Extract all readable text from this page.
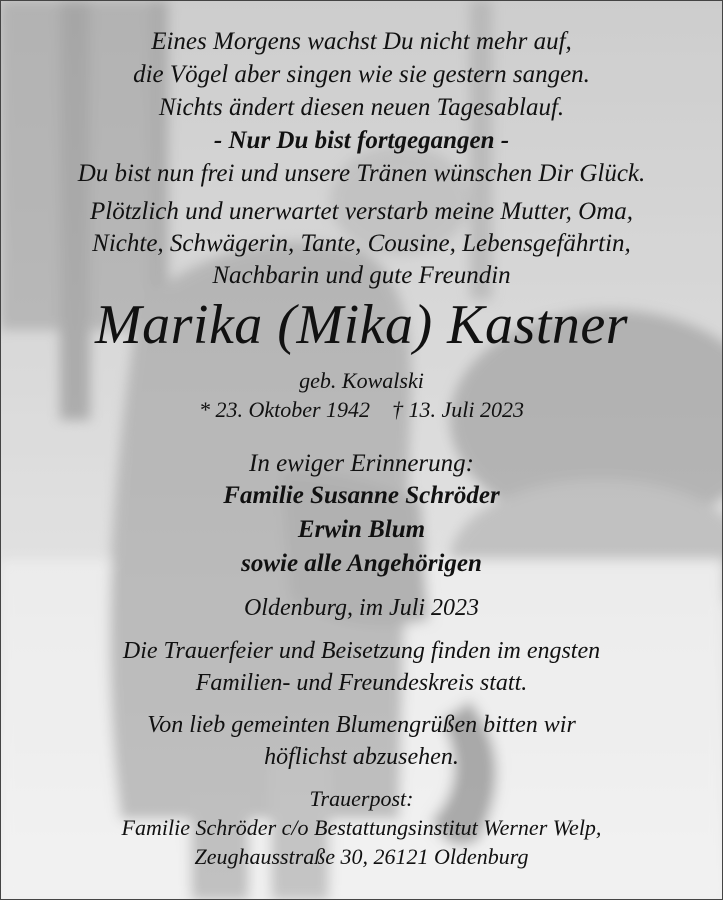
Eines Morgens wachst Du nicht mehr auf,
die Vögel aber singen wie sie gestern sangen.
Nichts ändert diesen neuen Tagesablauf.
- Nur Du bist fortgegangen -
Du bist nun frei und unsere Tränen wünschen Dir Glück.
Plötzlich und unerwartet verstarb meine Mutter, Oma,
Nichte, Schwägerin, Tante, Cousine, Lebensgefährtin,
Nachbarin und gute Freundin
Marika (Mika) Kastner
geb. Kowalski
* 23. Oktober 1942    † 13. Juli 2023
In ewiger Erinnerung:
Familie Susanne Schröder
Erwin Blum
sowie alle Angehörigen
Oldenburg, im Juli 2023
Die Trauerfeier und Beisetzung finden im engsten
Familien- und Freundeskreis statt.
Von lieb gemeinten Blumengrüßen bitten wir
höflichst abzusehen.
Trauerpost:
Familie Schröder c/o Bestattungsinstitut Werner Welp,
Zeughausstraße 30, 26121 Oldenburg
